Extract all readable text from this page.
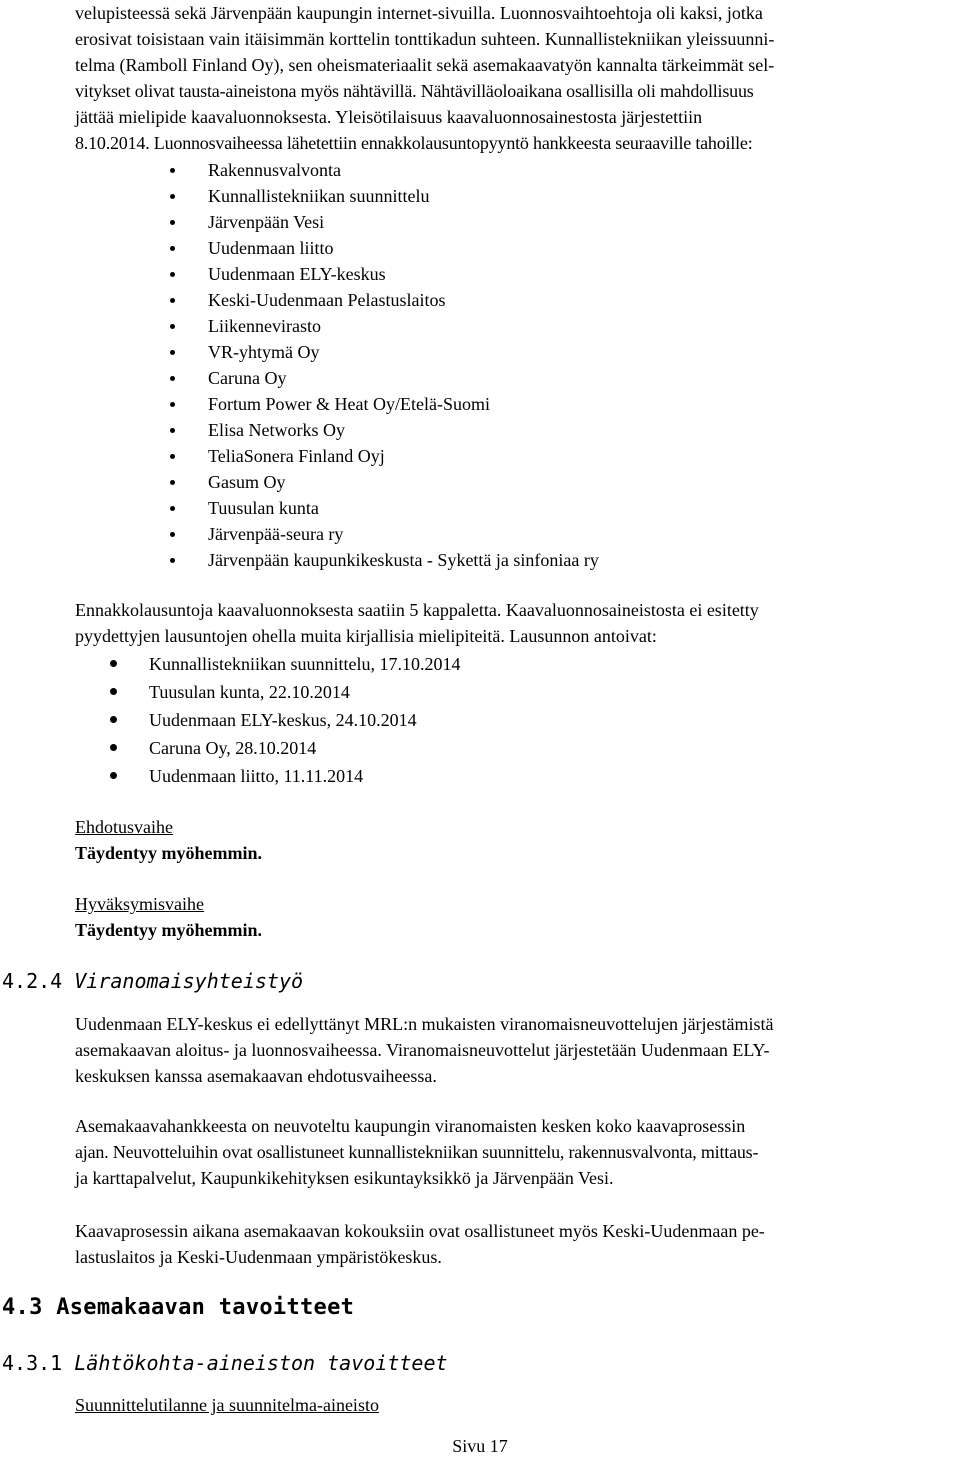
velupisteessä sekä Järvenpään kaupungin internet-sivuilla. Luonnosvaihtoehtoja oli kaksi, jotka
erosivat toisistaan vain itäisimmän korttelin tonttikadun suhteen. Kunnallistekniikan yleissuunni-
telma (Ramboll Finland Oy), sen oheismateriaalit sekä asemakaavatyön kannalta tärkeimmät sel-
vitykset olivat tausta-aineistona myös nähtävillä. Nähtävilläoloaikana osallisilla oli mahdollisuus
jättää mielipide kaavaluonnoksesta. Yleisötilaisuus kaavaluonnosainestosta järjestettiin
8.10.2014. Luonnosvaiheessa lähetettiin ennakkolausuntopyyntö hankkeesta seuraaville tahoille:

Rakennusvalvonta
Kunnallistekniikan suunnittelu
Järvenpään Vesi
Uudenmaan liitto
Uudenmaan ELY-keskus
Keski-Uudenmaan Pelastuslaitos
Liikennevirasto
VR-yhtymä Oy
Caruna Oy
Fortum Power & Heat Oy/Etelä-Suomi
Elisa Networks Oy
TeliaSonera Finland Oyj
Gasum Oy
Tuusulan kunta
Järvenpää-seura ry
Järvenpään kaupunkikeskusta - Sykettä ja sinfoniaa ry

Ennakkolausuntoja kaavaluonnoksesta saatiin 5 kappaletta. Kaavaluonnosaineistosta ei esitetty
pyydettyjen lausuntojen ohella muita kirjallisia mielipiteitä. Lausunnon antoivat:

Kunnallistekniikan suunnittelu, 17.10.2014
Tuusulan kunta, 22.10.2014
Uudenmaan ELY-keskus, 24.10.2014
Caruna Oy, 28.10.2014
Uudenmaan liitto, 11.11.2014
Ehdotusvaihe
Täydentyy myöhemmin.
Hyväksymisvaihe
Täydentyy myöhemmin.
4.2.4 Viranomaisyhteistyö

Uudenmaan ELY-keskus ei edellyttänyt MRL:n mukaisten viranomaisneuvottelujen järjestämistä
asemakaavan aloitus- ja luonnosvaiheessa. Viranomaisneuvottelut järjestetään Uudenmaan ELY-
keskuksen kanssa asemakaavan ehdotusvaiheessa.

Asemakaavahankkeesta on neuvoteltu kaupungin viranomaisten kesken koko kaavaprosessin
ajan. Neuvotteluihin ovat osallistuneet kunnallistekniikan suunnittelu, rakennusvalvonta, mittaus-
ja karttapalvelut, Kaupunkikehityksen esikuntayksikkö ja Järvenpään Vesi.

Kaavaprosessin aikana asemakaavan kokouksiin ovat osallistuneet myös Keski-Uudenmaan pe-
lastuslaitos ja Keski-Uudenmaan ympäristökeskus.

4.3 Asemakaavan tavoitteet
4.3.1 Lähtökohta-aineiston tavoitteet
Suunnittelutilanne ja suunnitelma-aineisto
Sivu 17
